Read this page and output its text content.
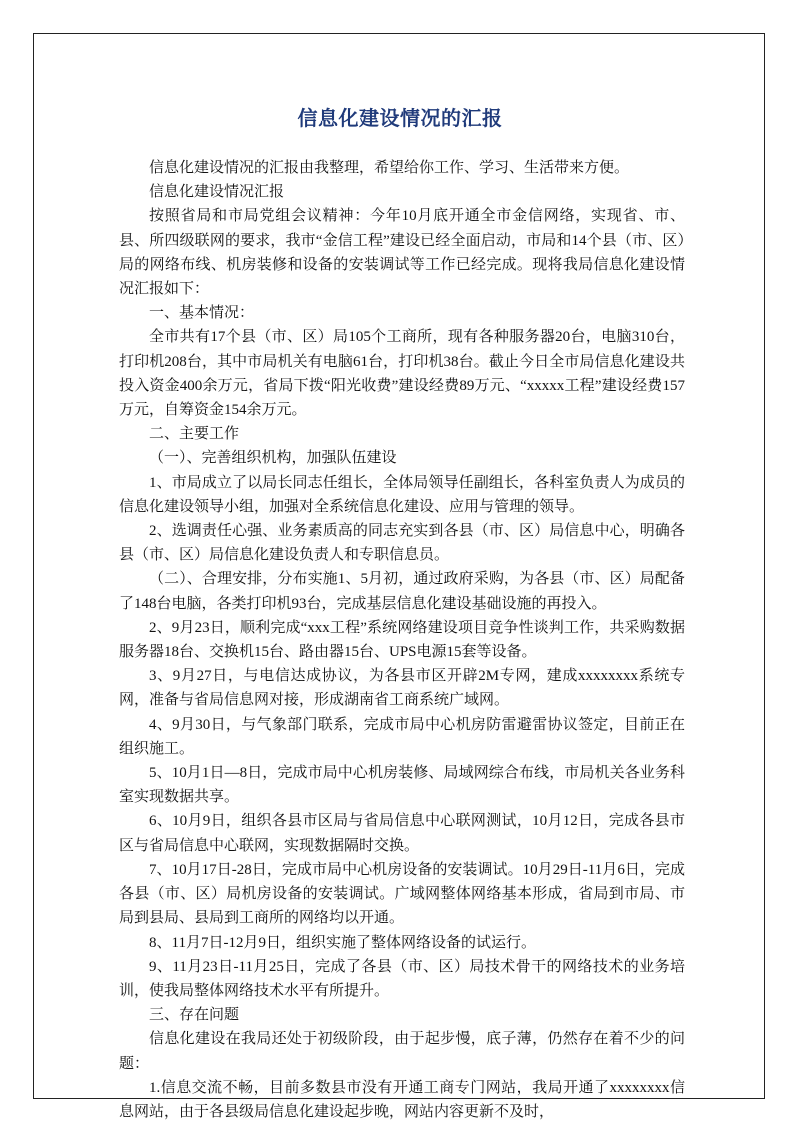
信息化建设情况的汇报

信息化建设情况的汇报由我整理，希望给你工作、学习、生活带来方便。

信息化建设情况汇报

按照省局和市局党组会议精神：今年10月底开通全市金信网络，实现省、市、县、所四级联网的要求，我市“金信工程”建设已经全面启动，市局和14个县（市、区）局的网络布线、机房装修和设备的安装调试等工作已经完成。现将我局信息化建设情况汇报如下：

一、基本情况：

全市共有17个县（市、区）局105个工商所，现有各种服务器20台，电脑310台，打印机208台，其中市局机关有电脑61台，打印机38台。截止今日全市局信息化建设共投入资金400余万元，省局下拨“阳光收费”建设经费89万元、“xxxxx工程”建设经费157万元，自筹资金154余万元。

二、主要工作

（一）、完善组织机构，加强队伍建设

1、市局成立了以局长同志任组长，全体局领导任副组长，各科室负责人为成员的信息化建设领导小组，加强对全系统信息化建设、应用与管理的领导。

2、选调责任心强、业务素质高的同志充实到各县（市、区）局信息中心，明确各县（市、区）局信息化建设负责人和专职信息员。

（二）、合理安排，分布实施1、5月初，通过政府采购，为各县（市、区）局配备了148台电脑，各类打印机93台，完成基层信息化建设基础设施的再投入。

2、9月23日，顺利完成“xxx工程”系统网络建设项目竞争性谈判工作，共采购数据服务器18台、交换机15台、路由器15台、UPS电源15套等设备。

3、9月27日，与电信达成协议，为各县市区开辟2M专网，建成xxxxxxxx系统专网，准备与省局信息网对接，形成湖南省工商系统广域网。

4、9月30日，与气象部门联系，完成市局中心机房防雷避雷协议签定，目前正在组织施工。

5、10月1日—8日，完成市局中心机房装修、局域网综合布线，市局机关各业务科室实现数据共享。

6、10月9日，组织各县市区局与省局信息中心联网测试，10月12日，完成各县市区与省局信息中心联网，实现数据隔时交换。

7、10月17日-28日，完成市局中心机房设备的安装调试。10月29日-11月6日，完成各县（市、区）局机房设备的安装调试。广域网整体网络基本形成，省局到市局、市局到县局、县局到工商所的网络均以开通。

8、11月7日-12月9日，组织实施了整体网络设备的试运行。

9、11月23日-11月25日，完成了各县（市、区）局技术骨干的网络技术的业务培训，使我局整体网络技术水平有所提升。

三、存在问题

信息化建设在我局还处于初级阶段，由于起步慢，底子薄，仍然存在着不少的问题：

1.信息交流不畅，目前多数县市没有开通工商专门网站，我局开通了xxxxxxxx信息网站，由于各县级局信息化建设起步晚，网站内容更新不及时，
